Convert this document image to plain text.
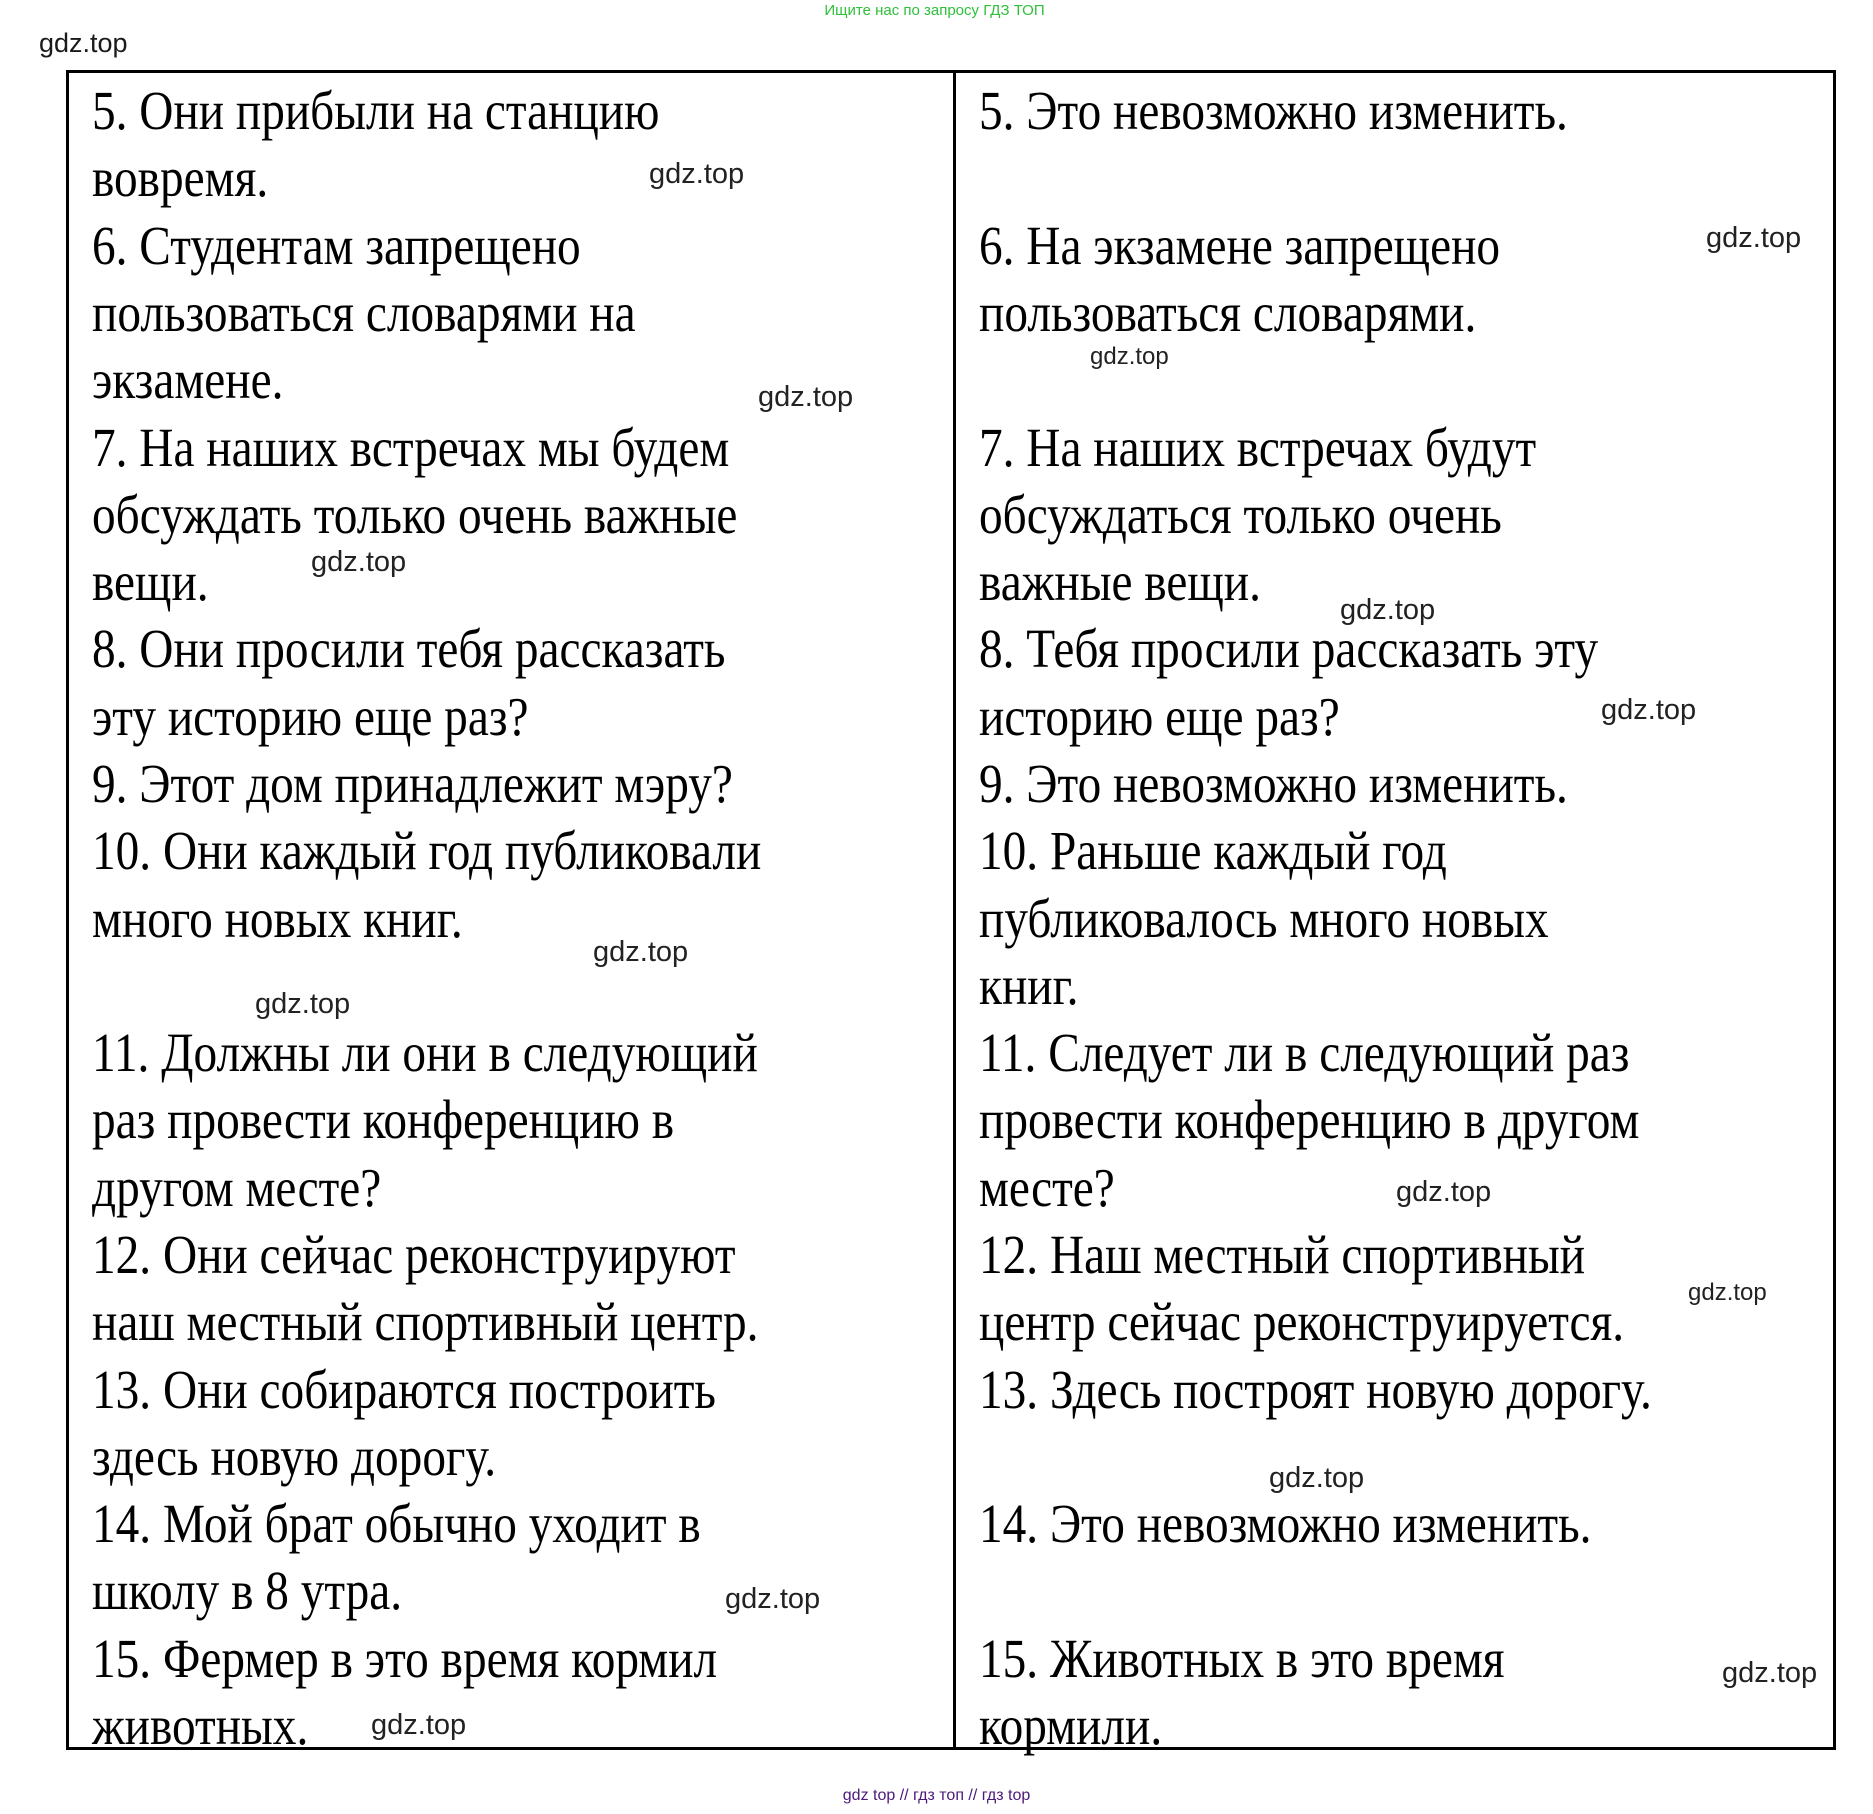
Ищите нас по запросу ГДЗ ТОП
gdz.top
5. Они прибыли на станцию
вовремя.
6. Студентам запрещено
пользоваться словарями на
экзамене.
7. На наших встречах мы будем
обсуждать только очень важные
вещи.
8. Они просили тебя рассказать
эту историю еще раз?
9. Этот дом принадлежит мэру?
10. Они каждый год публиковали
много новых книг.
11. Должны ли они в следующий
раз провести конференцию в
другом месте?
12. Они сейчас реконструируют
наш местный спортивный центр.
13. Они собираются построить
здесь новую дорогу.
14. Мой брат обычно уходит в
школу в 8 утра.
15. Фермер в это время кормил
животных.
5. Это невозможно изменить.
6. На экзамене запрещено
пользоваться словарями.
7. На наших встречах будут
обсуждаться только очень
важные вещи.
8. Тебя просили рассказать эту
историю еще раз?
9. Это невозможно изменить.
10. Раньше каждый год
публиковалось много новых
книг.
11. Следует ли в следующий раз
провести конференцию в другом
месте?
12. Наш местный спортивный
центр сейчас реконструируется.
13. Здесь построят новую дорогу.
14. Это невозможно изменить.
15. Животных в это время
кормили.
gdz.top
gdz.top
gdz.top
gdz.top
gdz.top
gdz.top
gdz.top
gdz.top
gdz.top
gdz.top
gdz.top
gdz.top
gdz.top
gdz.top
gdz.top
gdz top // гдз топ // гдз top
